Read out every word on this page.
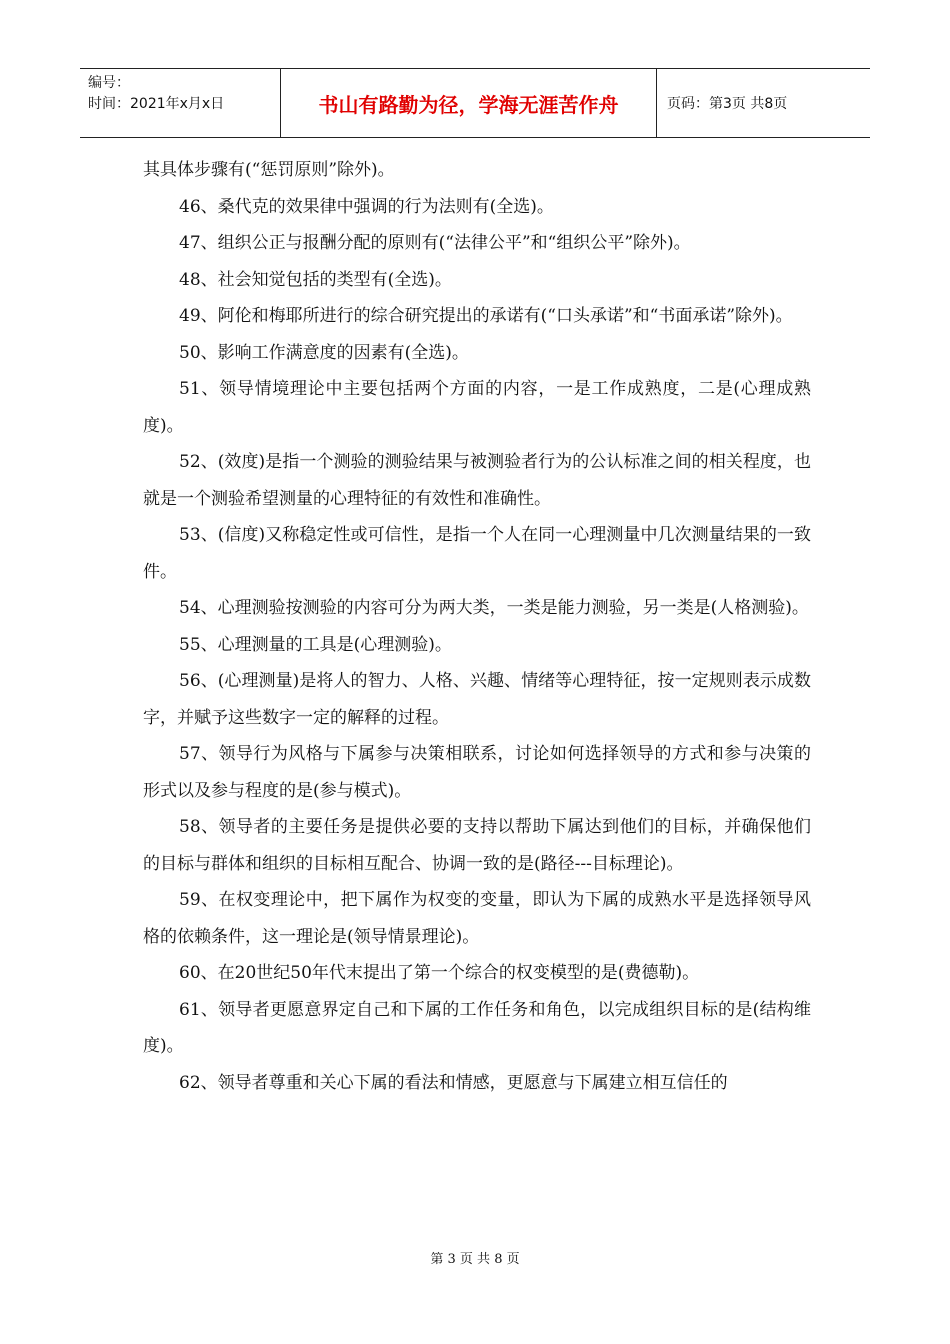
编号：
时间：2021年x月x日	书山有路勤为径，学海无涯苦作舟	页码：第3页 共8页

其具体步骤有(“惩罚原则”除外)。

46、桑代克的效果律中强调的行为法则有(全选)。

47、组织公正与报酬分配的原则有(“法律公平”和“组织公平”除外)。

48、社会知觉包括的类型有(全选)。

49、阿伦和梅耶所进行的综合研究提出的承诺有(“口头承诺”和“书面承诺”除外)。

50、影响工作满意度的因素有(全选)。

51、领导情境理论中主要包括两个方面的内容，一是工作成熟度，二是(心理成熟度)。

52、(效度)是指一个测验的测验结果与被测验者行为的公认标准之间的相关程度，也就是一个测验希望测量的心理特征的有效性和准确性。

53、(信度)又称稳定性或可信性，是指一个人在同一心理测量中几次测量结果的一致件。

54、心理测验按测验的内容可分为两大类，一类是能力测验，另一类是(人格测验)。

55、心理测量的工具是(心理测验)。

56、(心理测量)是将人的智力、人格、兴趣、情绪等心理特征，按一定规则表示成数字，并赋予这些数字一定的解释的过程。

57、领导行为风格与下属参与决策相联系，讨论如何选择领导的方式和参与决策的形式以及参与程度的是(参与模式)。

58、领导者的主要任务是提供必要的支持以帮助下属达到他们的目标，并确保他们的目标与群体和组织的目标相互配合、协调一致的是(路径---目标理论)。

59、在权变理论中，把下属作为权变的变量，即认为下属的成熟水平是选择领导风格的依赖条件，这一理论是(领导情景理论)。

60、在20世纪50年代末提出了第一个综合的权变模型的是(费德勒)。

61、领导者更愿意界定自己和下属的工作任务和角色，以完成组织目标的是(结构维度)。

62、领导者尊重和关心下属的看法和情感，更愿意与下属建立相互信任的

第 3 页 共 8 页
